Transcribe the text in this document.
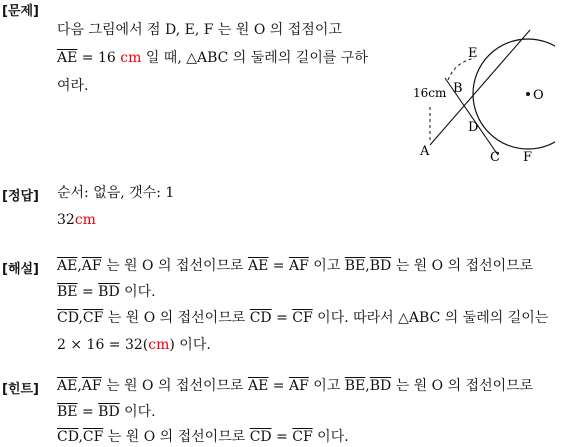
[문제]
다음 그림에서 점 D, E, F 는 원 O 의 접점이고
$\overline{AE} = 16$ cm 일 때, △ABC 의 둘레의 길이를 구하
여라.
E
B	O
D
A	C F
16cm
[정답] 순서: 없음, 갯수: 1
32cm
[해설] $\overline{AE},\overline{AF}$ 는 원 O 의 접선이므로 $\overline{AE} = \overline{AF}$ 이고 $\overline{BE},\overline{BD}$ 는 원 O 의 접선이므로
$\overline{BE} = \overline{BD}$ 이다.
$\overline{CD},\overline{CF}$ 는 원 O 의 접선이므로 $\overline{CD} = \overline{CF}$ 이다. 따라서 △ABC 의 둘레의 길이는
2 × 16 = 32(cm) 이다.
[힌트] $\overline{AE},\overline{AF}$ 는 원 O 의 접선이므로 $\overline{AE} = \overline{AF}$ 이고 $\overline{BE},\overline{BD}$ 는 원 O 의 접선이므로
$\overline{BE} = \overline{BD}$ 이다.
$\overline{CD},\overline{CF}$ 는 원 O 의 접선이므로 $\overline{CD} = \overline{CF}$ 이다.
